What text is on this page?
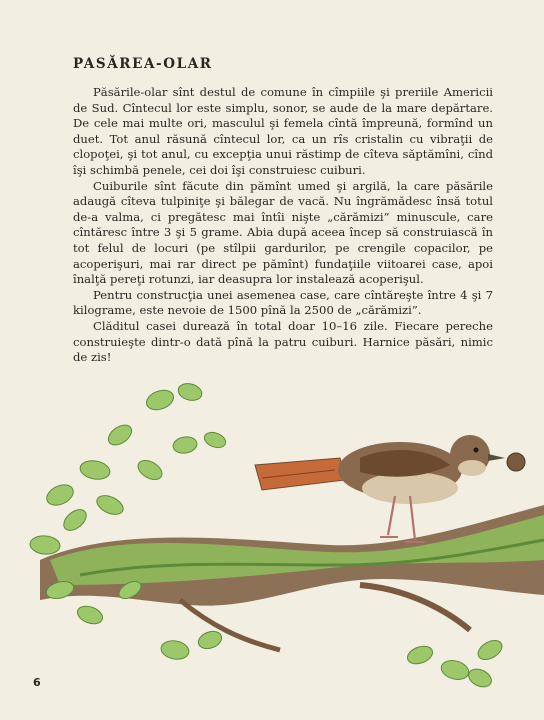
PASĂREA-OLAR

Păsările-olar sînt destul de comune în cîmpiile şi preriile Americii de Sud. Cîntecul lor este simplu, sonor, se aude de la mare depărtare. De cele mai multe ori, masculul şi femela cîntă împreună, formînd un duet. Tot anul răsună cîntecul lor, ca un rîs cristalin cu vibraţii de clopoţei, şi tot anul, cu excepţia unui răstimp de cîteva săptămîni, cînd îşi schimbă penele, cei doi îşi construiesc cuiburi.

Cuiburile sînt făcute din pămînt umed şi argilă, la care păsările adaugă cîteva tulpiniţe şi bălegar de vacă. Nu îngrămădesc însă totul de-a valma, ci pregătesc mai întîi nişte „cărămizi” minuscule, care cîntăresc între 3 şi 5 grame. Abia după aceea încep să construiască în tot felul de locuri (pe stîlpii gardurilor, pe crengile copacilor, pe acoperişuri, mai rar direct pe pămînt) fundaţiile viitoarei case, apoi înalţă pereţi rotunzi, iar deasupra lor instalează acoperişul.

Pentru construcţia unei asemenea case, care cîntăreşte între 4 şi 7 kilograme, este nevoie de 1500 pînă la 2500 de „cărămizi”.

Clăditul casei durează în total doar 10–16 zile. Fiecare pereche construieşte dintr-o dată pînă la patru cuiburi. Harnice păsări, nimic de zis!

6
